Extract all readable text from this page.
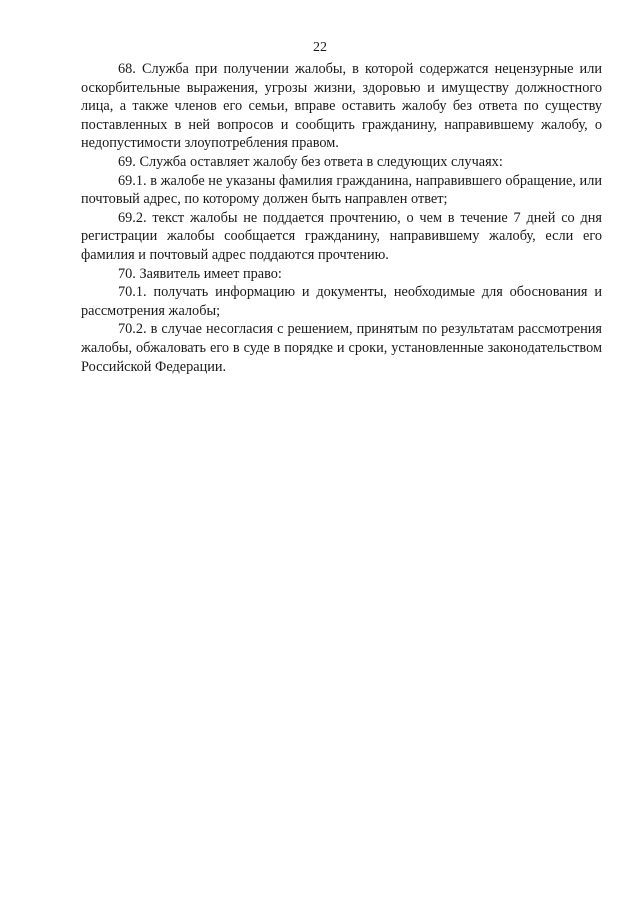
22

68. Служба при получении жалобы, в которой содержатся нецензурные или оскорбительные выражения, угрозы жизни, здоровью и имуществу должностного лица, а также членов его семьи, вправе оставить жалобу без ответа по существу поставленных в ней вопросов и сообщить гражданину, направившему жалобу, о недопустимости злоупотребления правом.

69. Служба оставляет жалобу без ответа в следующих случаях:

69.1. в жалобе не указаны фамилия гражданина, направившего обращение, или почтовый адрес, по которому должен быть направлен ответ;

69.2. текст жалобы не поддается прочтению, о чем в течение 7 дней со дня регистрации жалобы сообщается гражданину, направившему жалобу, если его фамилия и почтовый адрес поддаются прочтению.

70. Заявитель имеет право:

70.1. получать информацию и документы, необходимые для обоснования и рассмотрения жалобы;

70.2. в случае несогласия с решением, принятым по результатам рассмотрения жалобы, обжаловать его в суде в порядке и сроки, установленные законодательством Российской Федерации.
